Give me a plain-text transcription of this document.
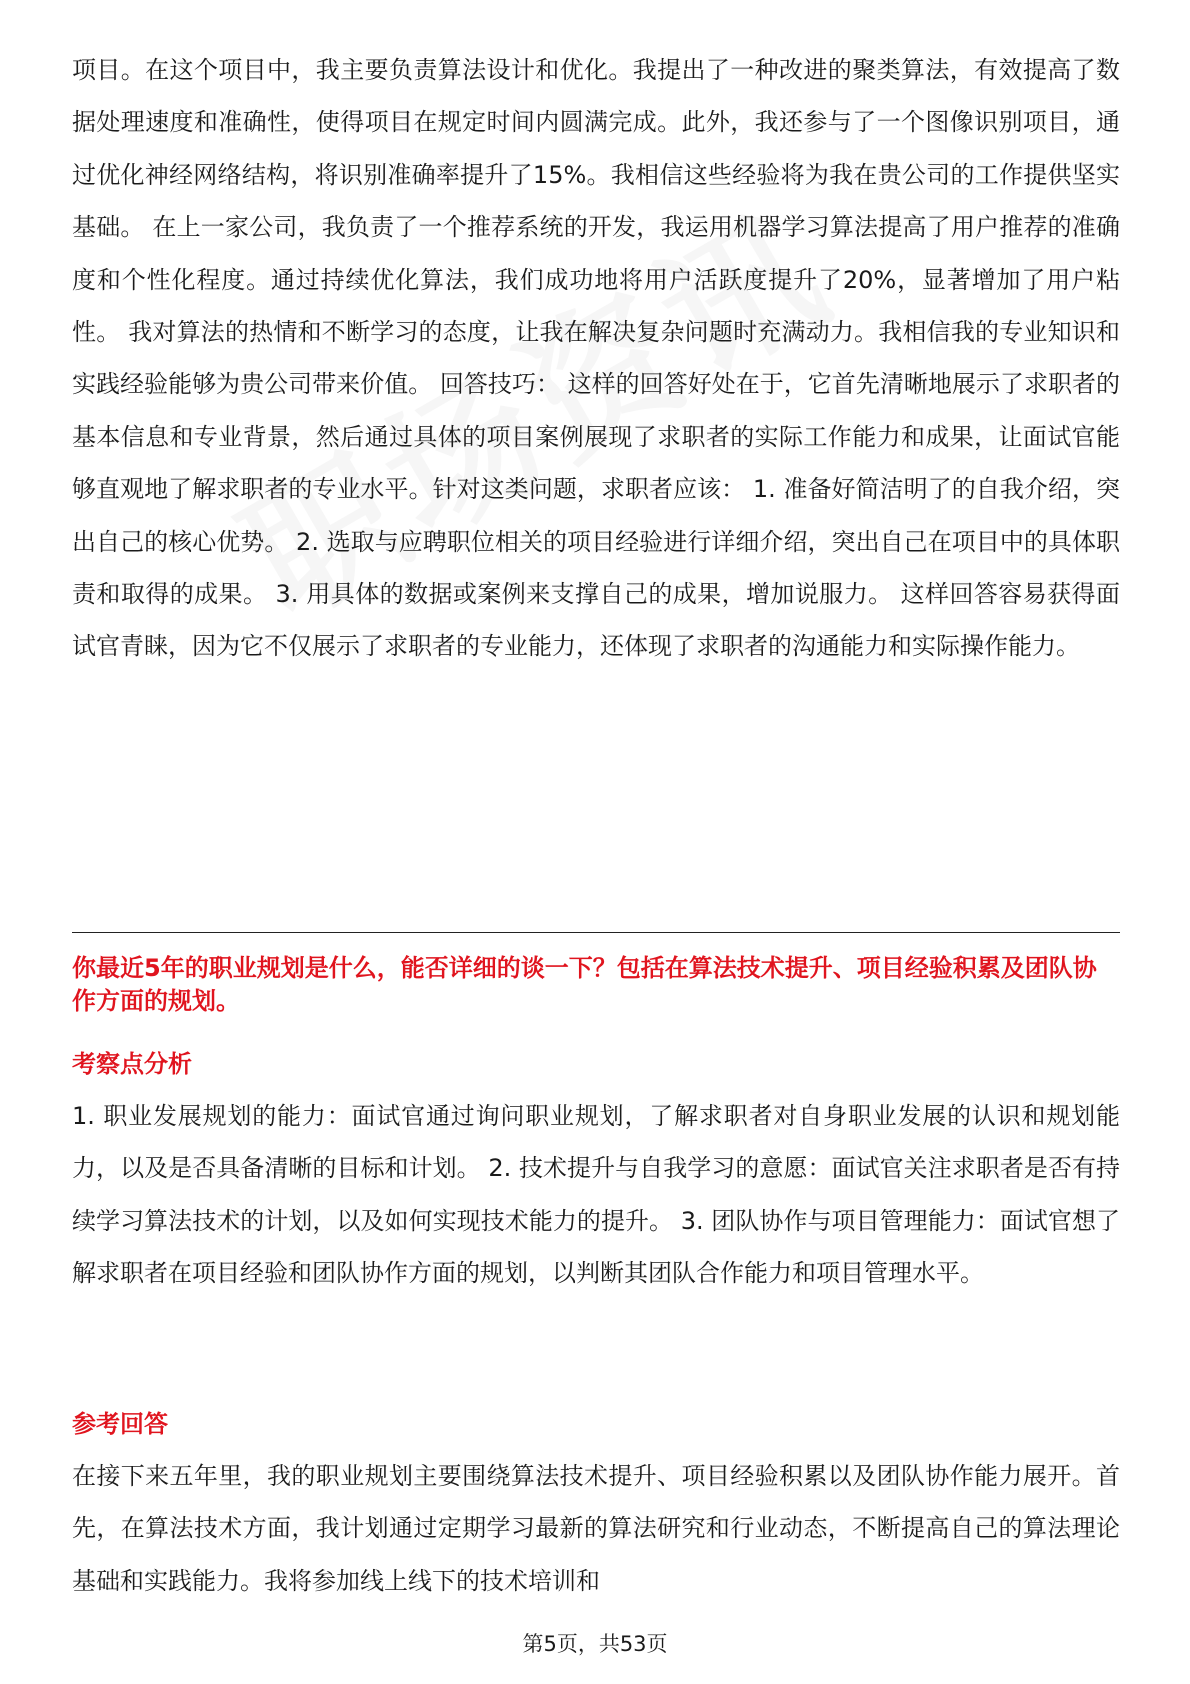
项目。在这个项目中，我主要负责算法设计和优化。我提出了一种改进的聚类算法，有效提高了数据处理速度和准确性，使得项目在规定时间内圆满完成。此外，我还参与了一个图像识别项目，通过优化神经网络结构，将识别准确率提升了15%。我相信这些经验将为我在贵公司的工作提供坚实基础。 在上一家公司，我负责了一个推荐系统的开发，我运用机器学习算法提高了用户推荐的准确度和个性化程度。通过持续优化算法，我们成功地将用户活跃度提升了20%，显著增加了用户粘性。 我对算法的热情和不断学习的态度，让我在解决复杂问题时充满动力。我相信我的专业知识和实践经验能够为贵公司带来价值。 回答技巧： 这样的回答好处在于，它首先清晰地展示了求职者的基本信息和专业背景，然后通过具体的项目案例展现了求职者的实际工作能力和成果，让面试官能够直观地了解求职者的专业水平。针对这类问题，求职者应该： 1. 准备好简洁明了的自我介绍，突出自己的核心优势。 2. 选取与应聘职位相关的项目经验进行详细介绍，突出自己在项目中的具体职责和取得的成果。 3. 用具体的数据或案例来支撑自己的成果，增加说服力。 这样回答容易获得面试官青睐，因为它不仅展示了求职者的专业能力，还体现了求职者的沟通能力和实际操作能力。

你最近5年的职业规划是什么，能否详细的谈一下？包括在算法技术提升、项目经验积累及团队协作方面的规划。

考察点分析

1. 职业发展规划的能力：面试官通过询问职业规划，了解求职者对自身职业发展的认识和规划能力，以及是否具备清晰的目标和计划。 2. 技术提升与自我学习的意愿：面试官关注求职者是否有持续学习算法技术的计划，以及如何实现技术能力的提升。 3. 团队协作与项目管理能力：面试官想了解求职者在项目经验和团队协作方面的规划，以判断其团队合作能力和项目管理水平。

参考回答

在接下来五年里，我的职业规划主要围绕算法技术提升、项目经验积累以及团队协作能力展开。首先，在算法技术方面，我计划通过定期学习最新的算法研究和行业动态，不断提高自己的算法理论基础和实践能力。我将参加线上线下的技术培训和

第5页，共53页
